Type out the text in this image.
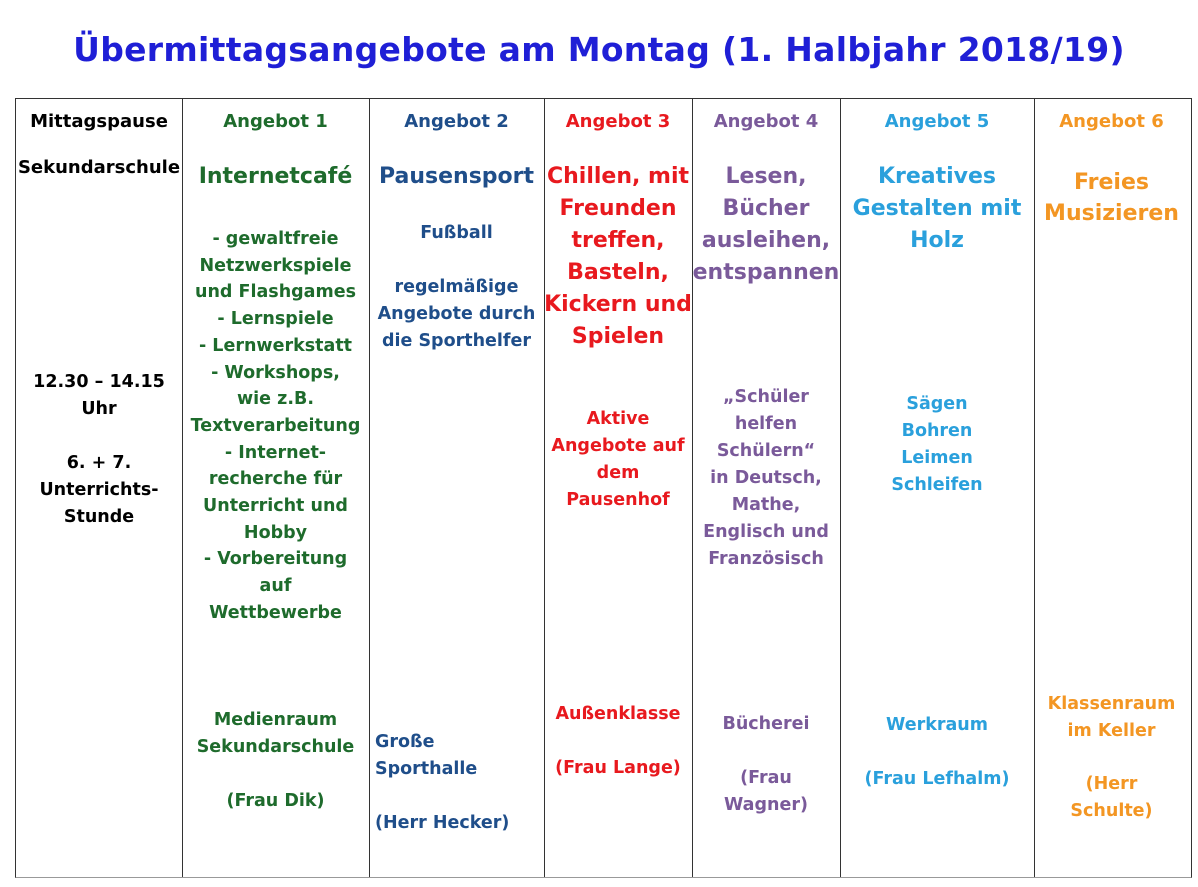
Übermittagsangebote am Montag (1. Halbjahr 2018/19)
Mittagspause
Sekundarschule
12.30 – 14.15
Uhr
6. + 7.
Unterrichts-
Stunde
Angebot 1
Internetcafé
- gewaltfreie
Netzwerkspiele
und Flashgames
- Lernspiele
- Lernwerkstatt
- Workshops,
wie z.B.
Textverarbeitung
- Internet-
recherche für
Unterricht und
Hobby
- Vorbereitung
auf
Wettbewerbe
Medienraum
Sekundarschule
(Frau Dik)
Angebot 2
Pausensport
Fußball
regelmäßige
Angebote durch
die Sporthelfer
Große
Sporthalle
(Herr Hecker)
Angebot 3
Chillen, mit
Freunden
treffen,
Basteln,
Kickern und
Spielen
Aktive
Angebote auf
dem
Pausenhof
Außenklasse
(Frau Lange)
Angebot 4
Lesen,
Bücher
ausleihen,
entspannen
„Schüler
helfen
Schülern“
in Deutsch,
Mathe,
Englisch und
Französisch
Bücherei
(Frau
Wagner)
Angebot 5
Kreatives
Gestalten mit
Holz
Sägen
Bohren
Leimen
Schleifen
Werkraum
(Frau Lefhalm)
Angebot 6
Freies
Musizieren
Klassenraum
im Keller
(Herr
Schulte)
